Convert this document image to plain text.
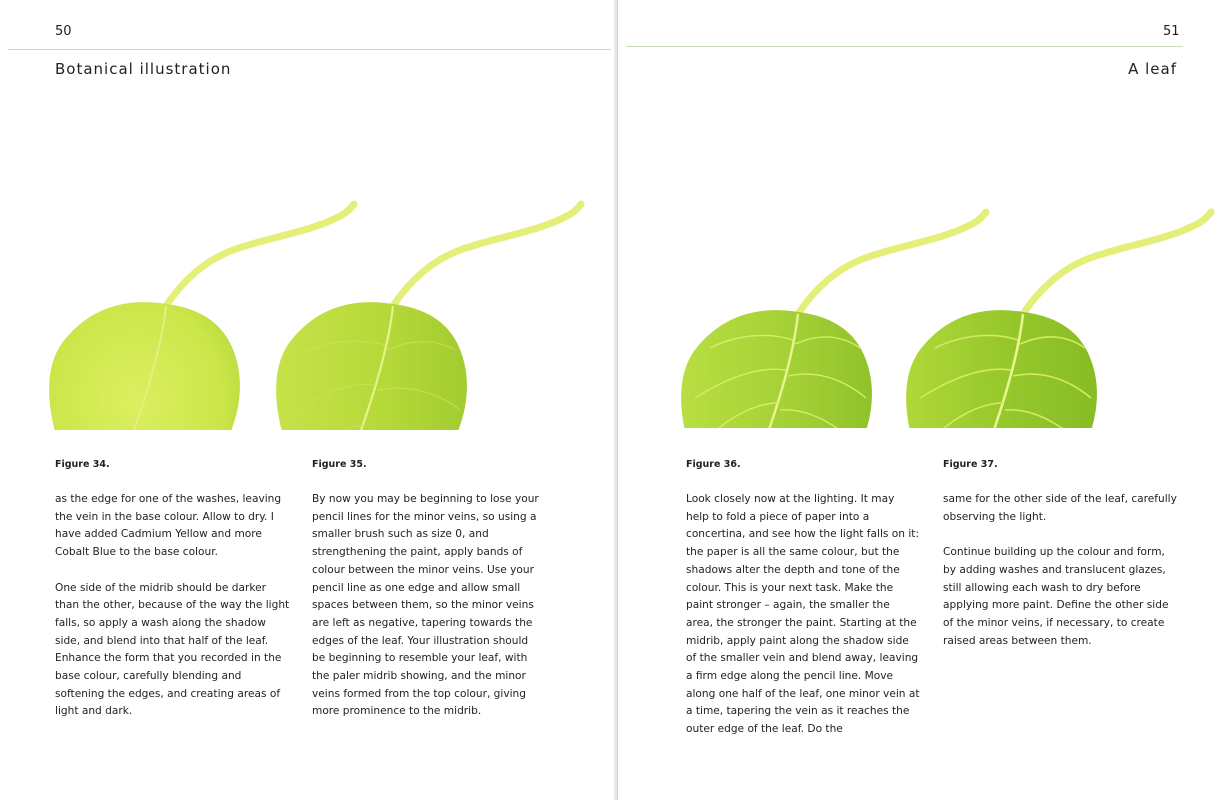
50
Botanical illustration
Figure 34.	Figure 35.

as the edge for one of the washes, leaving the vein in the base colour. Allow to dry. I have added Cadmium Yellow and more Cobalt Blue to the base colour.

One side of the midrib should be darker than the other, because of the way the light falls, so apply a wash along the shadow side, and blend into that half of the leaf. Enhance the form that you recorded in the base colour, carefully blending and softening the edges, and creating areas of light and dark.

By now you may be beginning to lose your pencil lines for the minor veins, so using a smaller brush such as size 0, and strengthening the paint, apply bands of colour between the minor veins. Use your pencil line as one edge and allow small spaces between them, so the minor veins are left as negative, tapering towards the edges of the leaf. Your illustration should be beginning to resemble your leaf, with the paler midrib showing, and the minor veins formed from the top colour, giving more prominence to the midrib.

51
A leaf
Figure 36.	Figure 37.

Look closely now at the lighting. It may help to fold a piece of paper into a concertina, and see how the light falls on it: the paper is all the same colour, but the shadows alter the depth and tone of the colour. This is your next task. Make the paint stronger – again, the smaller the area, the stronger the paint. Starting at the midrib, apply paint along the shadow side of the smaller vein and blend away, leaving a firm edge along the pencil line. Move along one half of the leaf, one minor vein at a time, tapering the vein as it reaches the outer edge of the leaf. Do the

same for the other side of the leaf, carefully observing the light.

Continue building up the colour and form, by adding washes and translucent glazes, still allowing each wash to dry before applying more paint. Define the other side of the minor veins, if necessary, to create raised areas between them.
